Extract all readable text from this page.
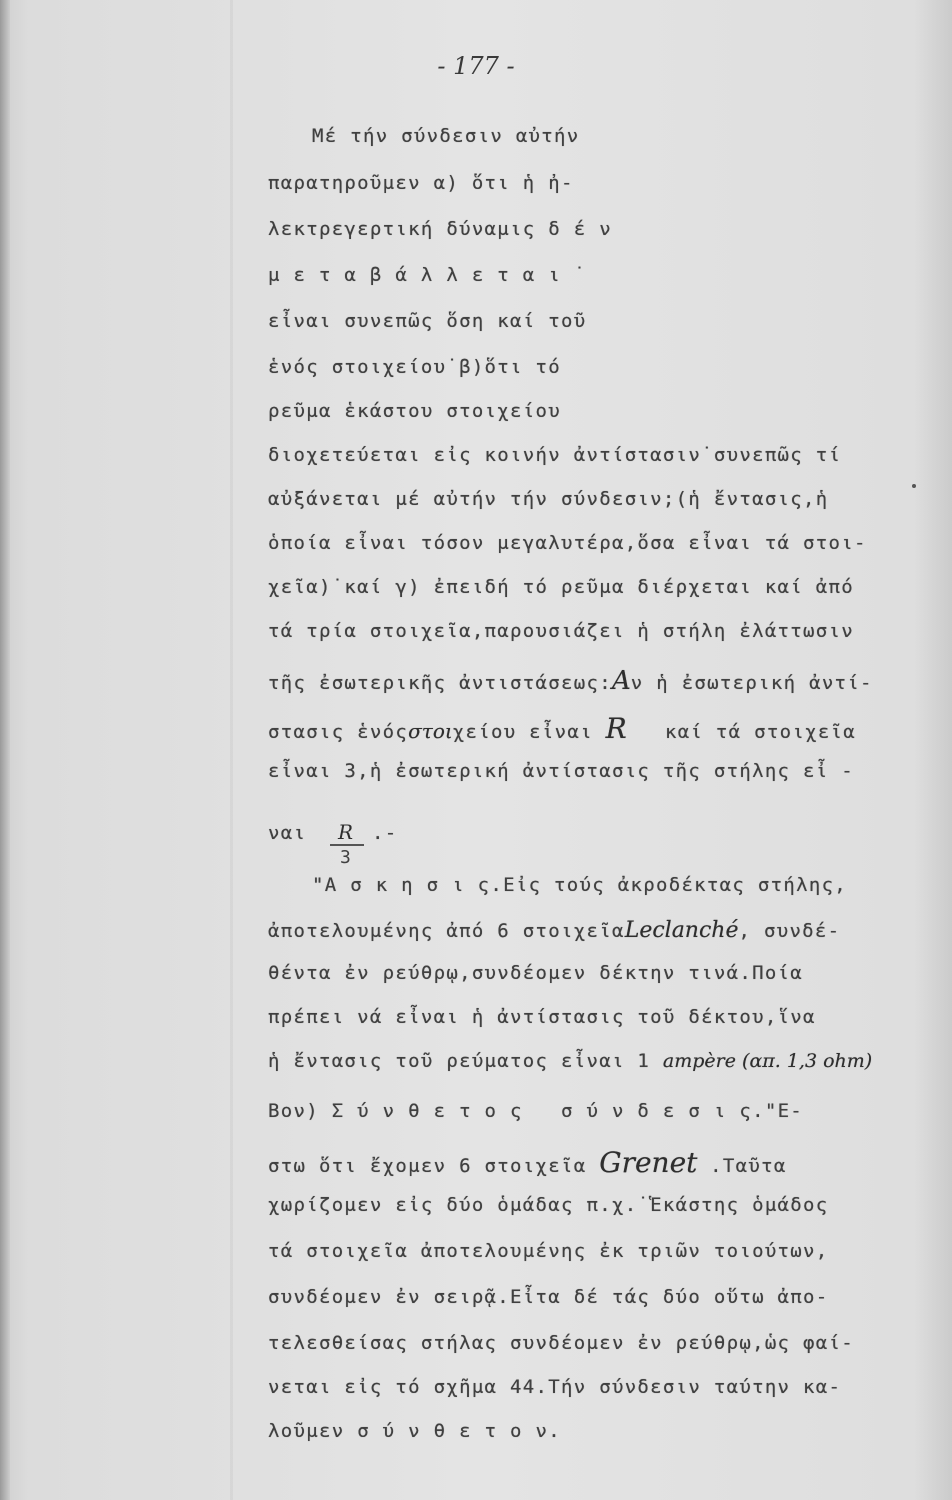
- 177 -
Μέ τήν σύνδεσιν αὐτήν
παρατηροῦμεν α) ὅτι ἡ ἠ-
λεκτρεγερτική δύναμις δ έ ν
μ ε τ α β ά λ λ ε τ α ι ˙
εἶναι συνεπῶς ὅση καί τοῦ
ἑνός στοιχείου˙β)ὅτι τό
ρεῦμα ἑκάστου στοιχείου
διοχετεύεται εἰς κοινήν ἀντίστασιν˙συνεπῶς τί
αὐξάνεται μέ αὐτήν τήν σύνδεσιν;(ἡ ἔντασις,ἡ
ὁποία εἶναι τόσον μεγαλυτέρα,ὅσα εἶναι τά στοι-
χεῖα)˙καί γ) ἐπειδή τό ρεῦμα διέρχεται καί ἀπό
τά τρία στοιχεῖα,παρουσιάζει ἡ στήλη ἐλάττωσιν
τῆς ἐσωτερικῆς ἀντιστάσεως:Aν ἡ ἐσωτερική ἀντί-
στασις ἑνόςστοιχείου εἶναι R καί τά στοιχεῖα
εἶναι 3,ἡ ἐσωτερική ἀντίστασις τῆς στήλης εἶ -
ναι R
3
.-
"Α σ κ η σ ι ς.Εἰς τούς ἀκροδέκτας στήλης,
ἀποτελουμένης ἀπό 6 στοιχεῖαLeclanché, συνδέ-
θέντα ἐν ρεύθρῳ,συνδέομεν δέκτην τινά.Ποία
πρέπει νά εἶναι ἡ ἀντίστασις τοῦ δέκτου,ἵνα
ἡ ἔντασις τοῦ ρεύματος εἶναι 1 ampère (απ. 1,3 ohm)
Βον) Σ ύ ν θ ε τ ο ς   σ ύ ν δ ε σ ι ς."Ε-
στω ὅτι ἔχομεν 6 στοιχεῖα Grenet .Ταῦτα
χωρίζομεν εἰς δύο ὁμάδας π.χ.˙Ἑκάστης ὁμάδος
τά στοιχεῖα ἀποτελουμένης ἐκ τριῶν τοιούτων,
συνδέομεν ἐν σειρᾷ.Εἶτα δέ τάς δύο οὕτω ἀπο-
τελεσθείσας στήλας συνδέομεν ἐν ρεύθρῳ,ὡς φαί-
νεται εἰς τό σχῆμα 44.Τήν σύνδεσιν ταύτην κα-
λοῦμεν σ ύ ν θ ε τ ο ν.
